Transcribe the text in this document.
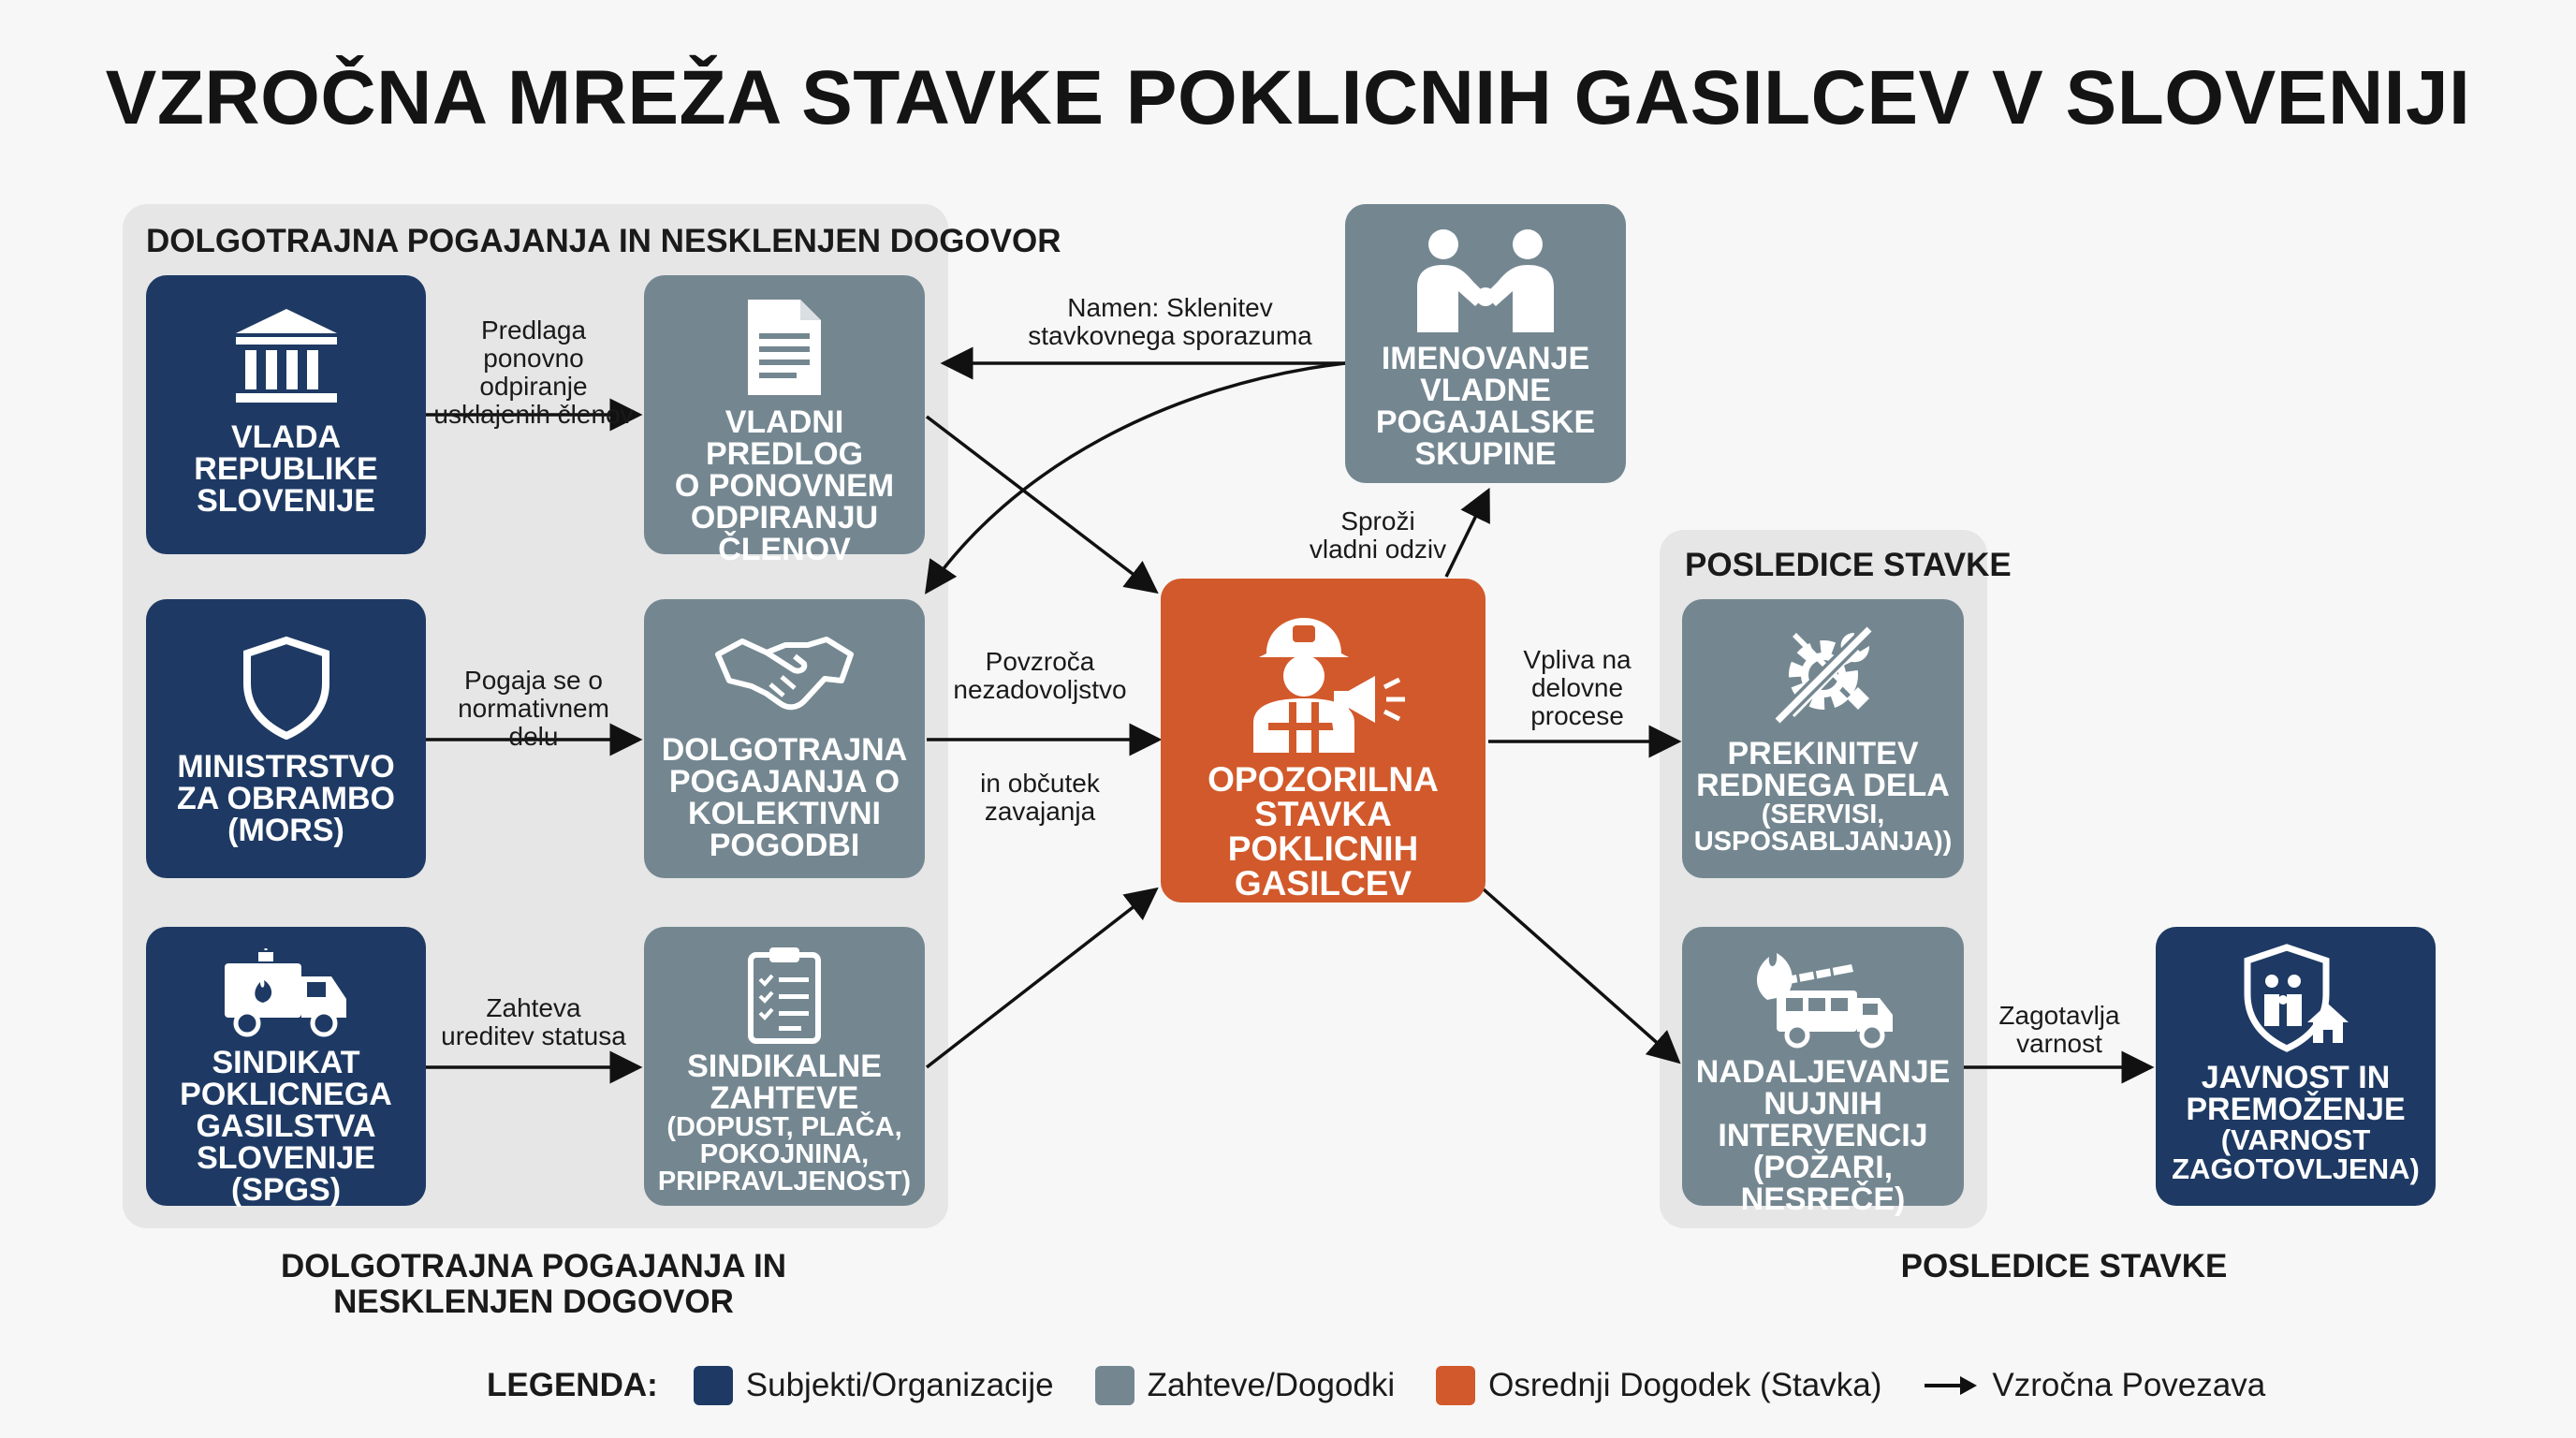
VZROČNA MREŽA STAVKE POKLICNIH GASILCEV V SLOVENIJI
DOLGOTRAJNA POGAJANJA IN NESKLENJEN DOGOVOR
POSLEDICE STAVKE
Predlaga ponovno
odpiranje
usklajenih členov
Pogaja se o
normativnem delu
Zahteva
ureditev statusa
Namen: Sklenitev
stavkovnega sporazuma
Povzroča
nezadovoljstvo
in občutek
zavajanja
Sproži
vladni odziv
Vpliva na
delovne
procese
Zagotavlja
varnost
VLADA
REPUBLIKE
SLOVENIJE
MINISTRSTVO
ZA OBRAMBO
(MORS)
SINDIKAT
POKLICNEGA
GASILSTVA
SLOVENIJE (SPGS)
VLADNI PREDLOG
O PONOVNEM
ODPIRANJU
ČLENOV
DOLGOTRAJNA
POGAJANJA O
KOLEKTIVNI
POGODBI
SINDIKALNE
ZAHTEVE
(DOPUST, PLAČA,
POKOJNINA,
PRIPRAVLJENOST)
OPOZORILNA
STAVKA POKLICNIH
GASILCEV
IMENOVANJE
VLADNE
POGAJALSKE
SKUPINE
PREKINITEV
REDNEGA DELA
(SERVISI,
USPOSABLJANJA))
NADALJEVANJE
NUJNIH
INTERVENCIJ
(POŽARI, NESREČE)
JAVNOST IN
PREMOŽENJE
(VARNOST
ZAGOTOVLJENA)
DOLGOTRAJNA POGAJANJA IN
NESKLENJEN DOGOVOR
POSLEDICE STAVKE
LEGENDA:	Subjekti/Organizacije	Zahteve/Dogodki	Osrednji Dogodek (Stavka)	Vzročna Povezava
